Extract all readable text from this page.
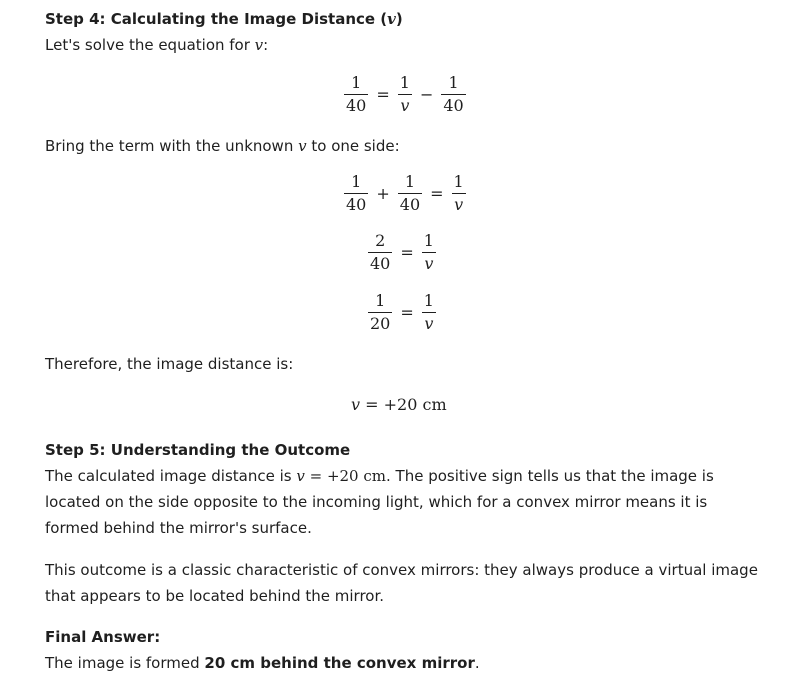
Step 4: Calculating the Image Distance (v)
Let's solve the equation for v:
$\frac{1}{40} = \frac{1}{v} - \frac{1}{40}$
Bring the term with the unknown v to one side:
$\frac{1}{40} + \frac{1}{40} = \frac{1}{v}$
$\frac{2}{40} = \frac{1}{v}$
$\frac{1}{20} = \frac{1}{v}$
Therefore, the image distance is:
v = +20 cm
Step 5: Understanding the Outcome
The calculated image distance is v = +20 cm. The positive sign tells us that the image is located on the side opposite to the incoming light, which for a convex mirror means it is formed behind the mirror's surface.
This outcome is a classic characteristic of convex mirrors: they always produce a virtual image that appears to be located behind the mirror.
Final Answer:
The image is formed 20 cm behind the convex mirror.
